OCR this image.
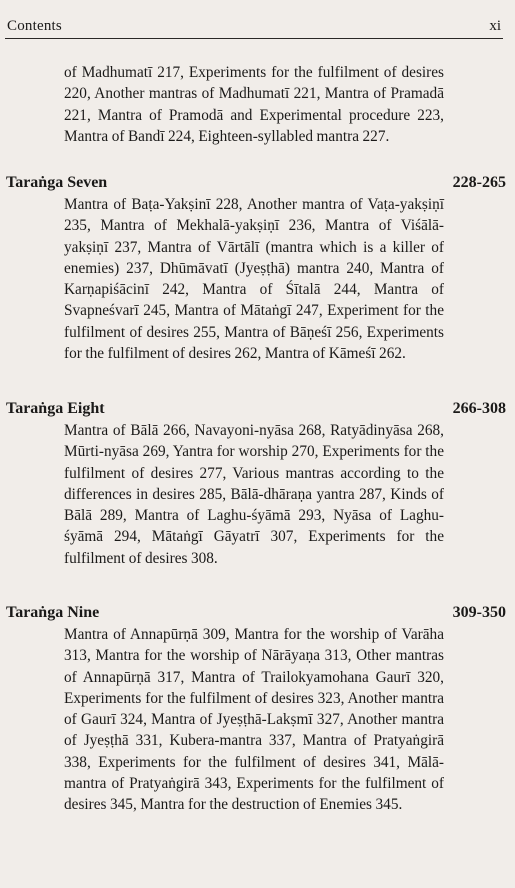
Contents	xi
of Madhumatī 217, Experiments for the fulfilment of desires 220, Another mantras of Madhumatī 221, Mantra of Pramadā 221, Mantra of Pramodā and Experimental procedure 223, Mantra of Bandī 224, Eighteen-syllabled mantra 227.
Taraṅga Seven	228-265
Mantra of Baṭa-Yakṣinī 228, Another mantra of Vaṭa-yakṣiṇī 235, Mantra of Mekhalā-yakṣiṇī 236, Mantra of Viśālā-yakṣiṇī 237, Mantra of Vārtālī (mantra which is a killer of enemies) 237, Dhūmāvatī (Jyeṣṭhā) mantra 240, Mantra of Karṇapiśācinī 242, Mantra of Śītalā 244, Mantra of Svapneśvarī 245, Mantra of Mātaṅgī 247, Experiment for the fulfilment of desires 255, Mantra of Bāṇeśī 256, Experiments for the fulfilment of desires 262, Mantra of Kāmeśī 262.
Taraṅga Eight	266-308
Mantra of Bālā 266, Navayoni-nyāsa 268, Ratyādinyāsa 268, Mūrti-nyāsa 269, Yantra for worship 270, Experiments for the fulfilment of desires 277, Various mantras according to the differences in desires 285, Bālā-dhāraṇa yantra 287, Kinds of Bālā 289, Mantra of Laghu-śyāmā 293, Nyāsa of Laghu-śyāmā 294, Mātaṅgī Gāyatrī 307, Experiments for the fulfilment of desires 308.
Taraṅga Nine	309-350
Mantra of Annapūrṇā 309, Mantra for the worship of Varāha 313, Mantra for the worship of Nārāyaṇa 313, Other mantras of Annapūrṇā 317, Mantra of Trailokyamohana Gaurī 320, Experiments for the fulfilment of desires 323, Another mantra of Gaurī 324, Mantra of Jyeṣṭhā-Lakṣmī 327, Another mantra of Jyeṣṭhā 331, Kubera-mantra 337, Mantra of Pratyaṅgirā 338, Experiments for the fulfilment of desires 341, Mālā-mantra of Pratyaṅgirā 343, Experiments for the fulfilment of desires 345, Mantra for the destruction of Enemies 345.
